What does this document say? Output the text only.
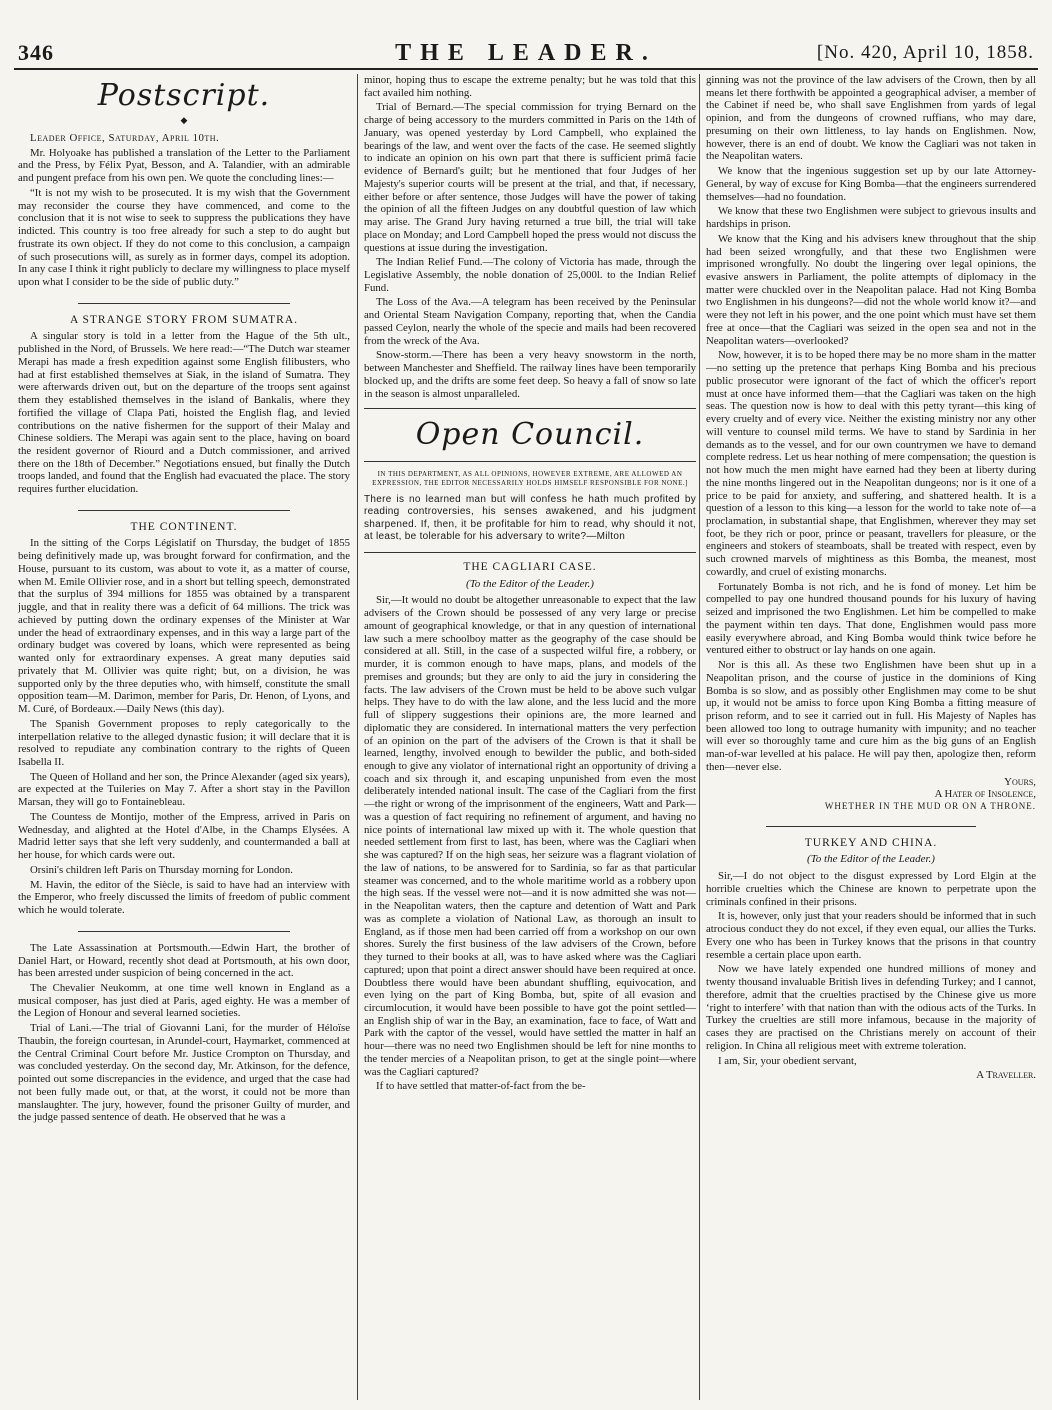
346	THE LEADER.	[No. 420, April 10, 1858.
Postscript.
◆

Leader Office, Saturday, April 10th.

Mr. Holyoake has published a translation of the Letter to the Parliament and the Press, by Félix Pyat, Besson, and A. Talandier, with an admirable and pungent preface from his own pen. We quote the concluding lines:—

“It is not my wish to be prosecuted. It is my wish that the Government may reconsider the course they have commenced, and come to the conclusion that it is not wise to seek to suppress the publications they have indicted. This country is too free already for such a step to do aught but frustrate its own object. If they do not come to this conclusion, a campaign of such prosecutions will, as surely as in former days, compel its adoption. In any case I think it right publicly to declare my willingness to place myself upon what I consider to be the side of public duty.”

A STRANGE STORY FROM SUMATRA.

A singular story is told in a letter from the Hague of the 5th ult., published in the Nord, of Brussels. We here read:—“The Dutch war steamer Merapi has made a fresh expedition against some English filibusters, who had at first established themselves at Siak, in the island of Sumatra. They were afterwards driven out, but on the departure of the troops sent against them they established themselves in the island of Bankalis, where they fortified the village of Clapa Pati, hoisted the English flag, and levied contributions on the native fishermen for the support of their Malay and Chinese soldiers. The Merapi was again sent to the place, having on board the resident governor of Riourd and a Dutch commissioner, and arrived there on the 18th of December.” Negotiations ensued, but finally the Dutch troops landed, and found that the English had evacuated the place. The story requires further elucidation.

THE CONTINENT.

In the sitting of the Corps Législatif on Thursday, the budget of 1855 being definitively made up, was brought forward for confirmation, and the House, pursuant to its custom, was about to vote it, as a matter of course, when M. Emile Ollivier rose, and in a short but telling speech, demonstrated that the surplus of 394 millions for 1855 was obtained by a transparent juggle, and that in reality there was a deficit of 64 millions. The trick was achieved by putting down the ordinary expenses of the Minister at War under the head of extraordinary expenses, and in this way a large part of the ordinary budget was covered by loans, which were represented as being wanted only for extraordinary expenses. A great many deputies said privately that M. Ollivier was quite right; but, on a division, he was supported only by the three deputies who, with himself, constitute the small opposition team—M. Darimon, member for Paris, Dr. Henon, of Lyons, and M. Curé, of Bordeaux.—Daily News (this day).

The Spanish Government proposes to reply categorically to the interpellation relative to the alleged dynastic fusion; it will declare that it is resolved to repudiate any combination contrary to the rights of Queen Isabella II.

The Queen of Holland and her son, the Prince Alexander (aged six years), are expected at the Tuileries on May 7. After a short stay in the Pavillon Marsan, they will go to Fontainebleau.

The Countess de Montijo, mother of the Empress, arrived in Paris on Wednesday, and alighted at the Hotel d'Albe, in the Champs Elysées. A Madrid letter says that she left very suddenly, and countermanded a ball at her house, for which cards were out.

Orsini's children left Paris on Thursday morning for London.

M. Havin, the editor of the Siècle, is said to have had an interview with the Emperor, who freely discussed the limits of freedom of public comment which he would tolerate.

The Late Assassination at Portsmouth.—Edwin Hart, the brother of Daniel Hart, or Howard, recently shot dead at Portsmouth, at his own door, has been arrested under suspicion of being concerned in the act.

The Chevalier Neukomm, at one time well known in England as a musical composer, has just died at Paris, aged eighty. He was a member of the Legion of Honour and several learned societies.

Trial of Lani.—The trial of Giovanni Lani, for the murder of Héloïse Thaubin, the foreign courtesan, in Arundel-court, Haymarket, commenced at the Central Criminal Court before Mr. Justice Crompton on Thursday, and was concluded yesterday. On the second day, Mr. Atkinson, for the defence, pointed out some discrepancies in the evidence, and urged that the case had not been fully made out, or that, at the worst, it could not be more than manslaughter. The jury, however, found the prisoner Guilty of murder, and the judge passed sentence of death. He observed that he was a

minor, hoping thus to escape the extreme penalty; but he was told that this fact availed him nothing.

Trial of Bernard.—The special commission for trying Bernard on the charge of being accessory to the murders committed in Paris on the 14th of January, was opened yesterday by Lord Campbell, who explained the bearings of the law, and went over the facts of the case. He seemed slightly to indicate an opinion on his own part that there is sufficient primâ facie evidence of Bernard's guilt; but he mentioned that four Judges of her Majesty's superior courts will be present at the trial, and that, if necessary, either before or after sentence, those Judges will have the power of taking the opinion of all the fifteen Judges on any doubtful question of law which may arise. The Grand Jury having returned a true bill, the trial will take place on Monday; and Lord Campbell hoped the press would not discuss the questions at issue during the investigation.

The Indian Relief Fund.—The colony of Victoria has made, through the Legislative Assembly, the noble donation of 25,000l. to the Indian Relief Fund.

The Loss of the Ava.—A telegram has been received by the Peninsular and Oriental Steam Navigation Company, reporting that, when the Candia passed Ceylon, nearly the whole of the specie and mails had been recovered from the wreck of the Ava.

Snow-storm.—There has been a very heavy snowstorm in the north, between Manchester and Sheffield. The railway lines have been temporarily blocked up, and the drifts are some feet deep. So heavy a fall of snow so late in the season is almost unparalleled.

Open Council.
IN THIS DEPARTMENT, AS ALL OPINIONS, HOWEVER EXTREME, ARE ALLOWED AN EXPRESSION, THE EDITOR NECESSARILY HOLDS HIMSELF RESPONSIBLE FOR NONE.]
There is no learned man but will confess he hath much profited by reading controversies, his senses awakened, and his judgment sharpened. If, then, it be profitable for him to read, why should it not, at least, be tolerable for his adversary to write?—Milton
THE CAGLIARI CASE.
(To the Editor of the Leader.)

Sir,—It would no doubt be altogether unreasonable to expect that the law advisers of the Crown should be possessed of any very large or precise amount of geographical knowledge, or that in any question of international law such a mere schoolboy matter as the geography of the case should be considered at all. Still, in the case of a suspected wilful fire, a robbery, or murder, it is common enough to have maps, plans, and models of the premises and grounds; but they are only to aid the jury in considering the facts. The law advisers of the Crown must be held to be above such vulgar helps. They have to do with the law alone, and the less lucid and the more full of slippery suggestions their opinions are, the more learned and diplomatic they are considered. In international matters the very perfection of an opinion on the part of the advisers of the Crown is that it shall be learned, lengthy, involved enough to bewilder the public, and both-sided enough to give any violator of international right an opportunity of driving a coach and six through it, and escaping unpunished from even the most deliberately intended national insult. The case of the Cagliari from the first—the right or wrong of the imprisonment of the engineers, Watt and Park—was a question of fact requiring no refinement of argument, and having no nice points of international law mixed up with it. The whole question that needed settlement from first to last, has been, where was the Cagliari when she was captured? If on the high seas, her seizure was a flagrant violation of the law of nations, to be answered for to Sardinia, so far as that particular steamer was concerned, and to the whole maritime world as a robbery upon the high seas. If the vessel were not—and it is now admitted she was not—in the Neapolitan waters, then the capture and detention of Watt and Park was as complete a violation of National Law, as thorough an insult to England, as if those men had been carried off from a workshop on our own shores. Surely the first business of the law advisers of the Crown, before they turned to their books at all, was to have asked where was the Cagliari captured; upon that point a direct answer should have been required at once. Doubtless there would have been abundant shuffling, equivocation, and even lying on the part of King Bomba, but, spite of all evasion and circumlocution, it would have been possible to have got the point settled—an English ship of war in the Bay, an examination, face to face, of Watt and Park with the captor of the vessel, would have settled the matter in half an hour—there was no need two Englishmen should be left for nine months to the tender mercies of a Neapolitan prison, to get at the single point—where was the Cagliari captured?

If to have settled that matter-of-fact from the be-

ginning was not the province of the law advisers of the Crown, then by all means let there forthwith be appointed a geographical adviser, a member of the Cabinet if need be, who shall save Englishmen from yards of legal opinion, and from the dungeons of crowned ruffians, who may dare, presuming on their own littleness, to lay hands on Englishmen. Now, however, there is an end of doubt. We know the Cagliari was not taken in the Neapolitan waters.

We know that the ingenious suggestion set up by our late Attorney-General, by way of excuse for King Bomba—that the engineers surrendered themselves—had no foundation.

We know that these two Englishmen were subject to grievous insults and hardships in prison.

We know that the King and his advisers knew throughout that the ship had been seized wrongfully, and that these two Englishmen were imprisoned wrongfully. No doubt the lingering over legal opinions, the evasive answers in Parliament, the polite attempts of diplomacy in the matter were chuckled over in the Neapolitan palace. Had not King Bomba two Englishmen in his dungeons?—did not the whole world know it?—and were they not left in his power, and the one point which must have set them free at once—that the Cagliari was seized in the open sea and not in the Neapolitan waters—overlooked?

Now, however, it is to be hoped there may be no more sham in the matter—no setting up the pretence that perhaps King Bomba and his precious public prosecutor were ignorant of the fact of which the officer's report must at once have informed them—that the Cagliari was taken on the high seas. The question now is how to deal with this petty tyrant—this king of every cruelty and of every vice. Neither the existing ministry nor any other will venture to counsel mild terms. We have to stand by Sardinia in her demands as to the vessel, and for our own countrymen we have to demand complete redress. Let us hear nothing of mere compensation; the question is not how much the men might have earned had they been at liberty during the nine months lingered out in the Neapolitan dungeons; nor is it one of a price to be paid for anxiety, and suffering, and shattered health. It is a question of a lesson to this king—a lesson for the world to take note of—a proclamation, in substantial shape, that Englishmen, wherever they may set foot, be they rich or poor, prince or peasant, travellers for pleasure, or the engineers and stokers of steamboats, shall be treated with respect, even by such crowned marvels of mightiness as this Bomba, the meanest, most cowardly, and cruel of existing monarchs.

Fortunately Bomba is not rich, and he is fond of money. Let him be compelled to pay one hundred thousand pounds for his luxury of having seized and imprisoned the two Englishmen. Let him be compelled to make the payment within ten days. That done, Englishmen would pass more easily everywhere abroad, and King Bomba would think twice before he ventured either to obstruct or lay hands on one again.

Nor is this all. As these two Englishmen have been shut up in a Neapolitan prison, and the course of justice in the dominions of King Bomba is so slow, and as possibly other Englishmen may come to be shut up, it would not be amiss to force upon King Bomba a fitting measure of prison reform, and to see it carried out in full. His Majesty of Naples has been allowed too long to outrage humanity with impunity; and no teacher will ever so thoroughly tame and cure him as the big guns of an English man-of-war levelled at his palace. He will pay then, apologize then, reform then—never else.

Yours,

A Hater of Insolence,

WHETHER IN THE MUD OR ON A THRONE.

TURKEY AND CHINA.
(To the Editor of the Leader.)

Sir,—I do not object to the disgust expressed by Lord Elgin at the horrible cruelties which the Chinese are known to perpetrate upon the criminals confined in their prisons.

It is, however, only just that your readers should be informed that in such atrocious conduct they do not excel, if they even equal, our allies the Turks. Every one who has been in Turkey knows that the prisons in that country resemble a certain place upon earth.

Now we have lately expended one hundred millions of money and twenty thousand invaluable British lives in defending Turkey; and I cannot, therefore, admit that the cruelties practised by the Chinese give us more ‘right to interfere’ with that nation than with the odious acts of the Turks. In Turkey the cruelties are still more infamous, because in the majority of cases they are practised on the Christians merely on account of their religion. In China all religious meet with extreme toleration.

I am, Sir, your obedient servant,

A Traveller.
